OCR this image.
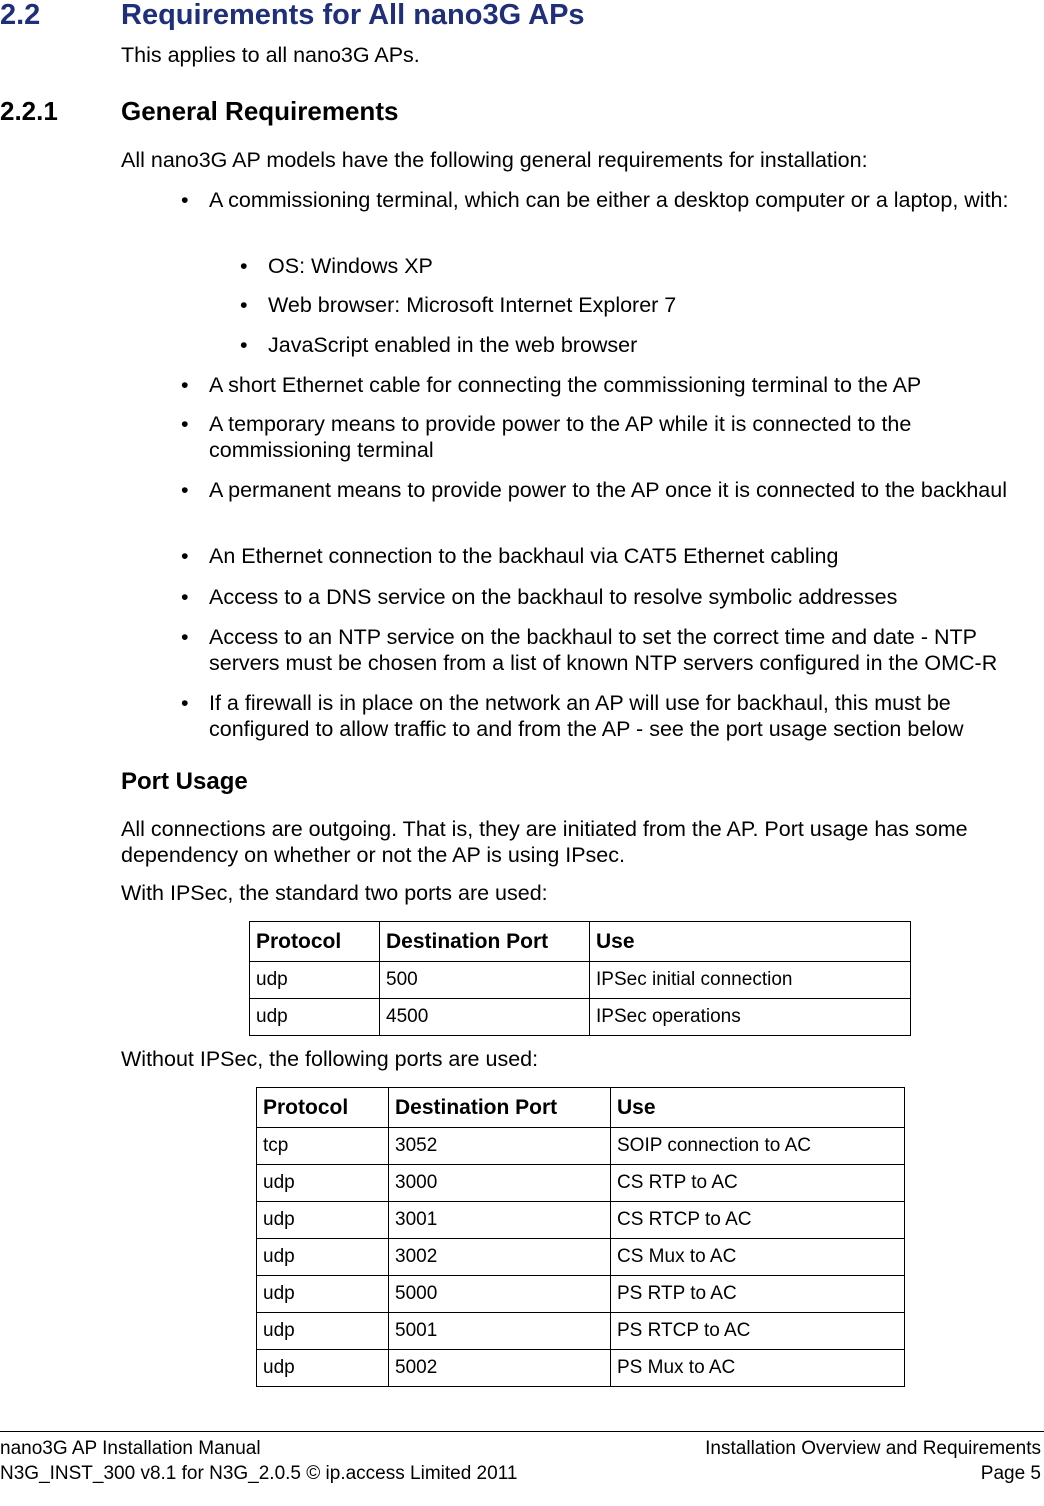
2.2	Requirements for All nano3G APs
This applies to all nano3G APs.
2.2.1 General Requirements
All nano3G AP models have the following general requirements for installation:
• A commissioning terminal, which can be either a desktop computer or a laptop, with:
• OS: Windows XP
• Web browser: Microsoft Internet Explorer 7
• JavaScript enabled in the web browser
• A short Ethernet cable for connecting the commissioning terminal to the AP
• A temporary means to provide power to the AP while it is connected to the commissioning terminal
• A permanent means to provide power to the AP once it is connected to the backhaul
• An Ethernet connection to the backhaul via CAT5 Ethernet cabling
• Access to a DNS service on the backhaul to resolve symbolic addresses
• Access to an NTP service on the backhaul to set the correct time and date - NTP servers must be chosen from a list of known NTP servers configured in the OMC-R
• If a firewall is in place on the network an AP will use for backhaul, this must be configured to allow traffic to and from the AP - see the port usage section below
Port Usage
All connections are outgoing. That is, they are initiated from the AP. Port usage has some dependency on whether or not the AP is using IPsec.
With IPSec, the standard two ports are used:
Protocol	Destination Port	Use
udp	500	IPSec initial connection
udp	4500	IPSec operations
Without IPSec, the following ports are used:
Protocol	Destination Port	Use
tcp	3052	SOIP connection to AC
udp	3000	CS RTP to AC
udp	3001	CS RTCP to AC
udp	3002	CS Mux to AC
udp	5000	PS RTP to AC
udp	5001	PS RTCP to AC
udp	5002	PS Mux to AC
nano3G AP Installation Manual
N3G_INST_300 v8.1 for N3G_2.0.5 © ip.access Limited 2011
Installation Overview and Requirements
Page 5
